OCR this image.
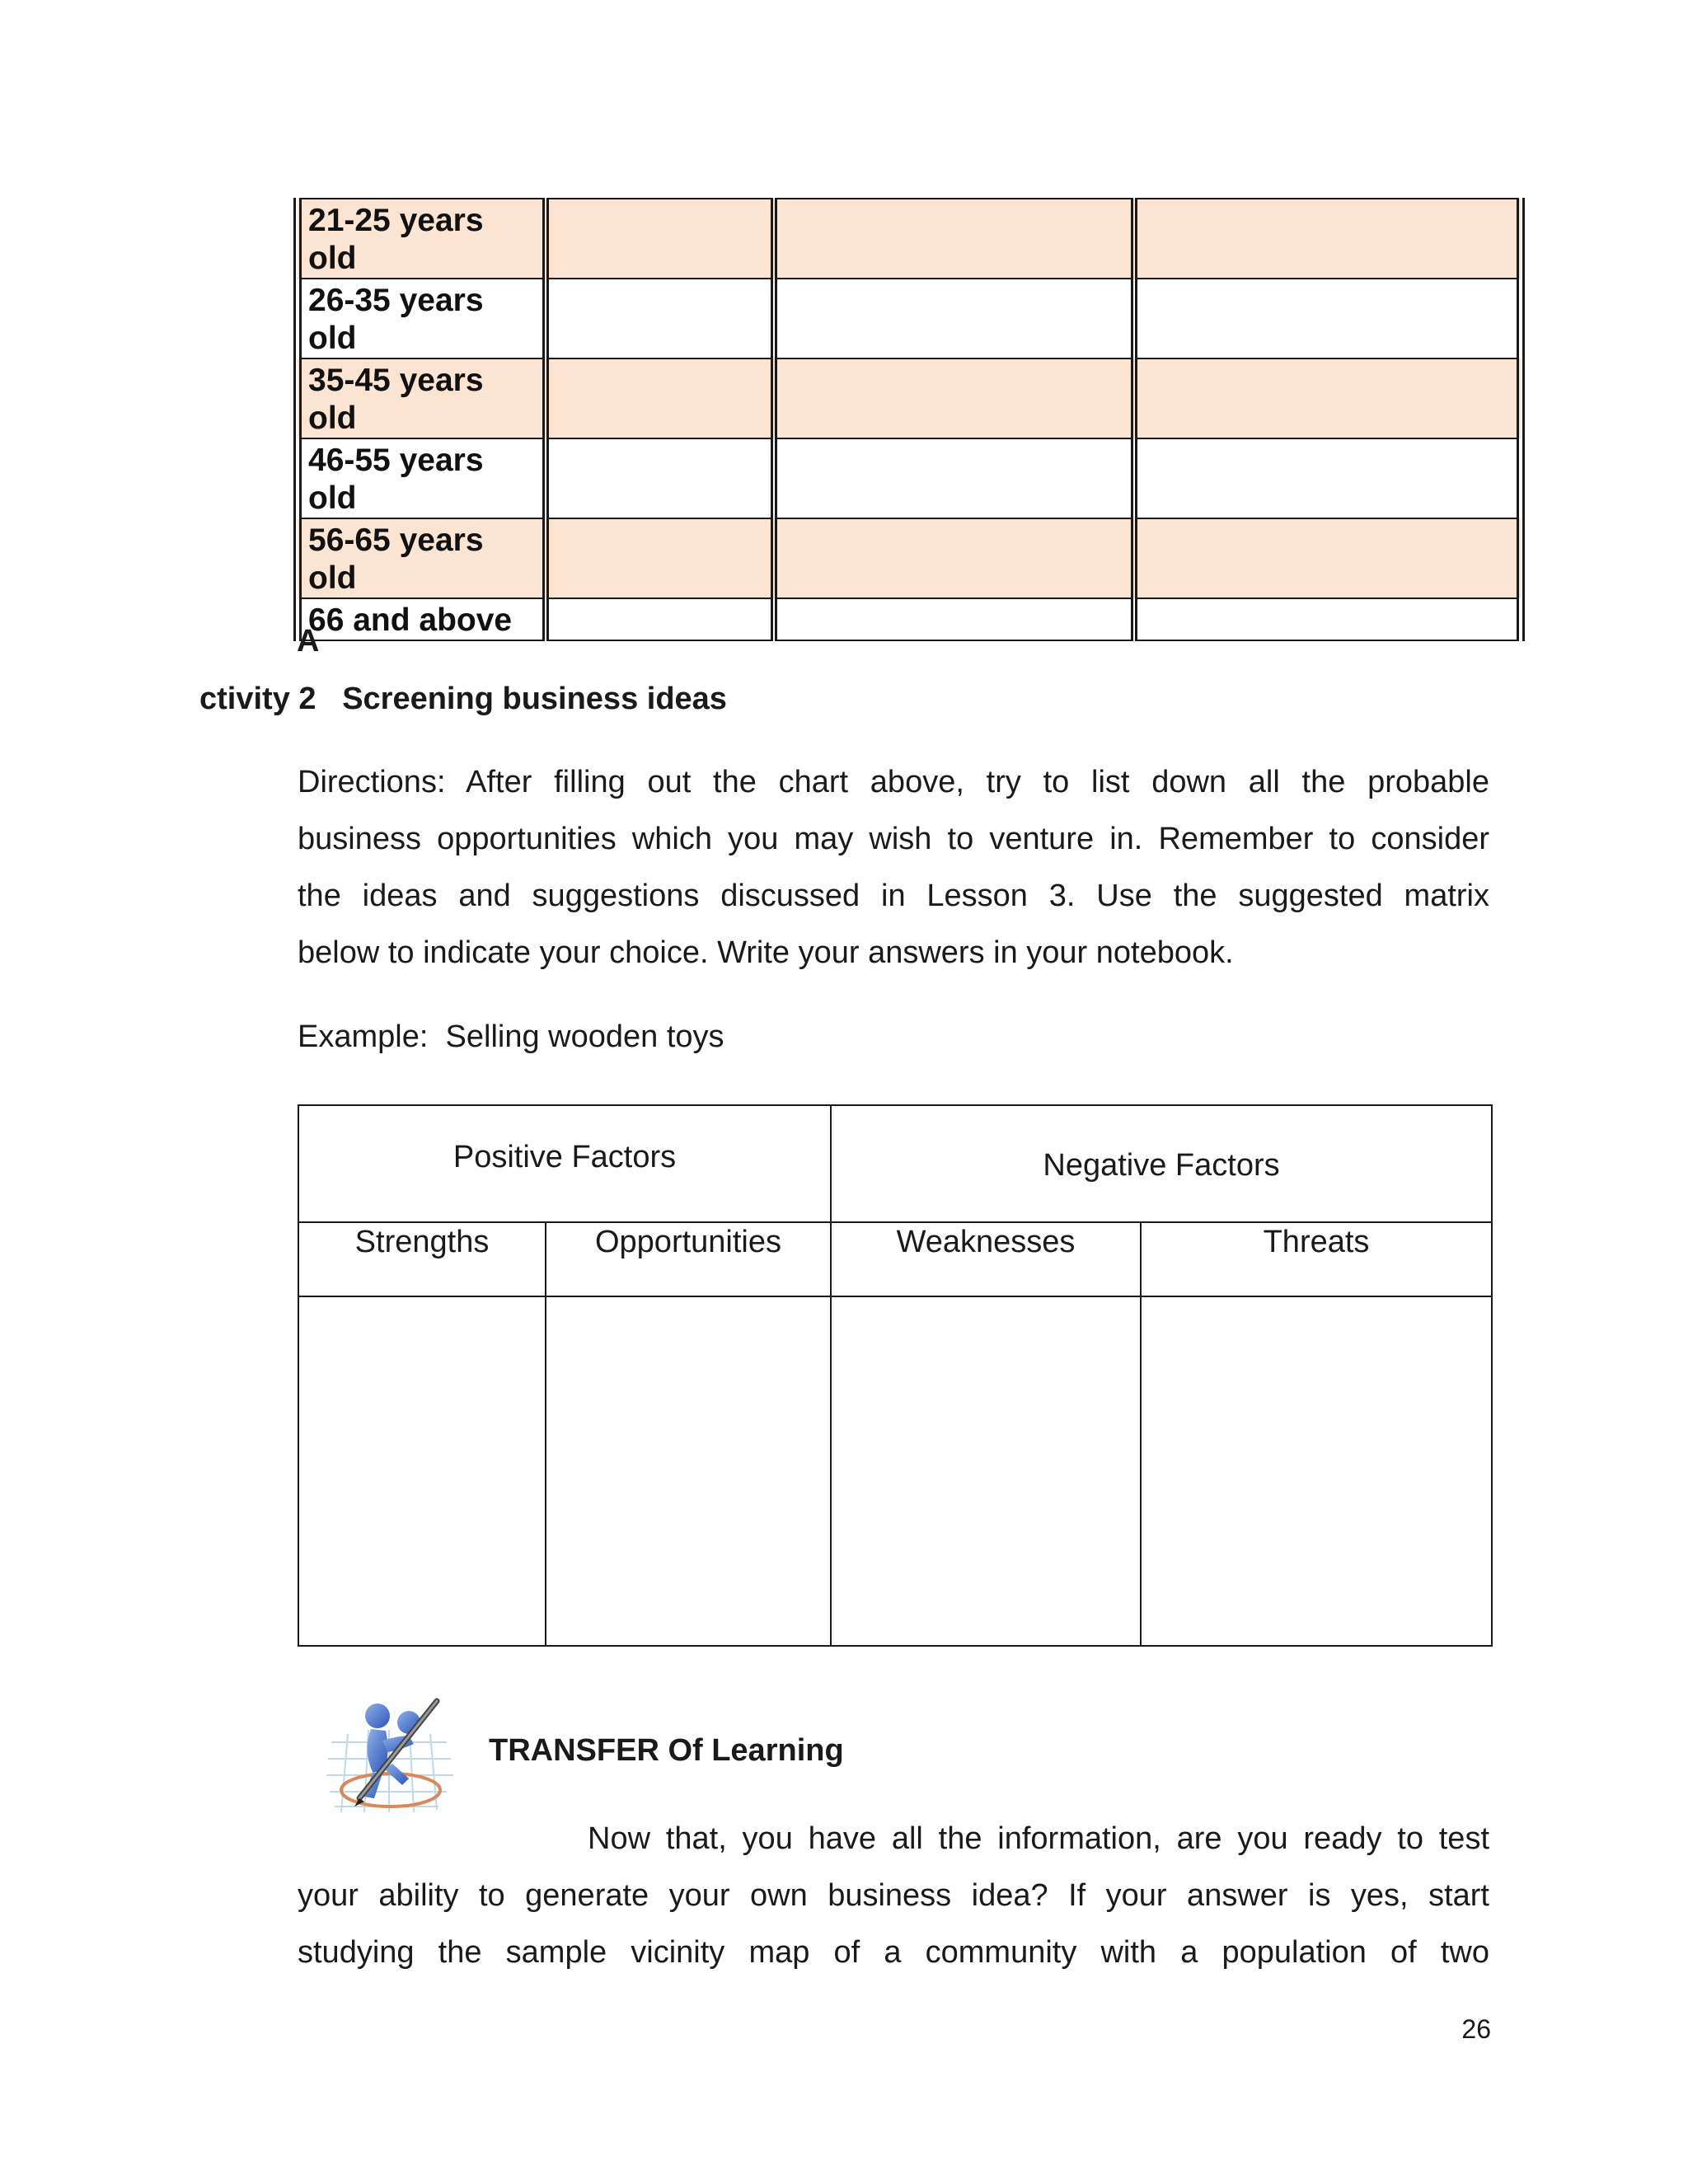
21-25 years
old			

26-35 years
old			

35-45 years
old			

46-55 years
old			

56-65 years
old			

66 and above			

A
ctivity 2   Screening business ideas
Directions: After filling out the chart above, try to list down all the probable
business opportunities which you may wish to venture in. Remember to consider
the ideas and suggestions discussed in Lesson 3. Use the suggested matrix
below to indicate your choice. Write your answers in your notebook.
Example:  Selling wooden toys
Positive Factors		Negative Factors	

Strengths	Opportunities	Weaknesses	Threats

TRANSFER Of Learning
Now that, you have all the information, are you ready to test
your ability to generate your own business idea? If your answer is yes, start
studying the sample vicinity map of a community with a population of two
26
